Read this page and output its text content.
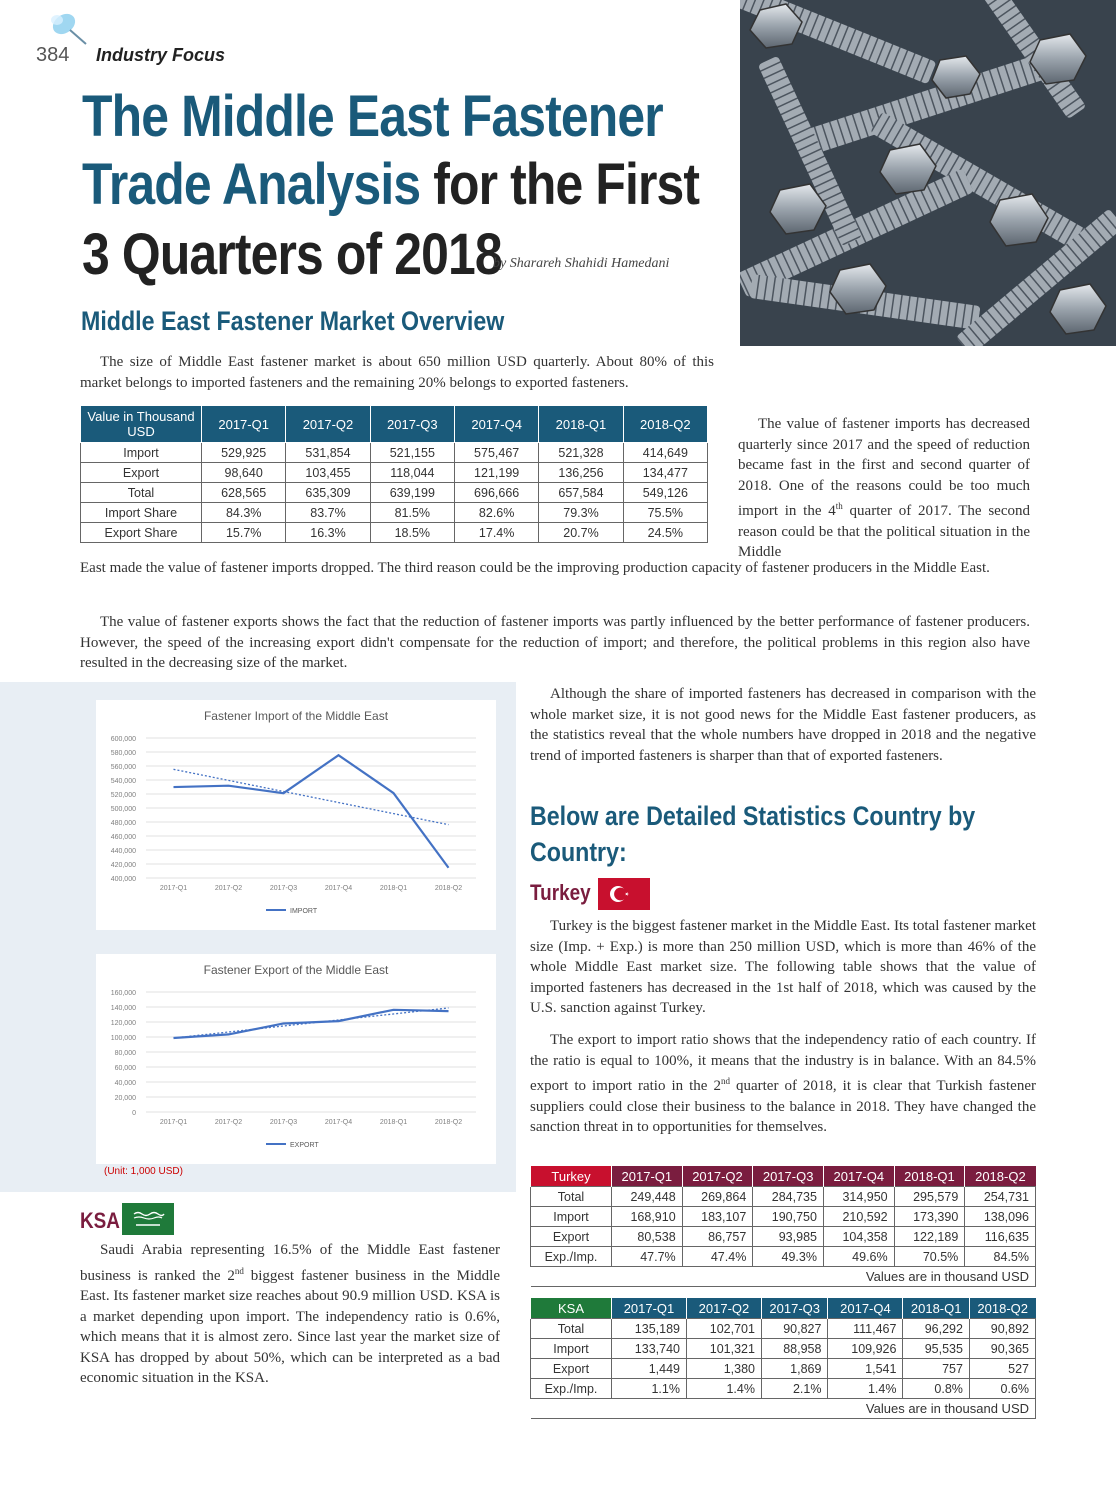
384 Industry Focus
The Middle East Fastener
Trade Analysis for the First
3 Quarters of 2018
by Sharareh Shahidi Hamedani
Middle East Fastener Market Overview

The size of Middle East fastener market is about 650 million USD quarterly. About 80% of this market belongs to imported fasteners and the remaining 20% belongs to exported fasteners.

Value in Thousand USD	2017-Q1	2017-Q2	2017-Q3	2017-Q4	2018-Q1	2018-Q2
Import	529,925	531,854	521,155	575,467	521,328	414,649
Export	98,640	103,455	118,044	121,199	136,256	134,477
Total	628,565	635,309	639,199	696,666	657,584	549,126
Import Share	84.3%	83.7%	81.5%	82.6%	79.3%	75.5%
Export Share	15.7%	16.3%	18.5%	17.4%	20.7%	24.5%

The value of fastener imports has decreased quarterly since 2017 and the speed of reduction became fast in the first and second quarter of 2018. One of the reasons could be too much import in the 4th quarter of 2017. The second reason could be that the political situation in the Middle

East made the value of fastener imports dropped. The third reason could be the improving production capacity of fastener producers in the Middle East.

The value of fastener exports shows the fact that the reduction of fastener imports was partly influenced by the better performance of fastener producers. However, the speed of the increasing export didn't compensate for the reduction of import; and therefore, the political problems in this region also have resulted in the decreasing size of the market.

Fastener Import of the Middle East
400,000
420,000
440,000
460,000
480,000
500,000
520,000
540,000
560,000
580,000
600,000
2017-Q1	2017-Q2	2017-Q3	2017-Q4	2018-Q1	2018-Q2
IMPORT
Fastener Export of the Middle East
0
20,000
40,000
60,000
80,000
100,000
120,000
140,000
160,000
2017-Q1	2017-Q2	2017-Q3	2017-Q4	2018-Q1	2018-Q2
EXPORT
(Unit: 1,000 USD)

Although the share of imported fasteners has decreased in comparison with the whole market size, it is not good news for the Middle East fastener producers, as the statistics reveal that the whole numbers have dropped in 2018 and the negative trend of imported fasteners is sharper than that of exported fasteners.

Below are Detailed Statistics Country by
Country:
Turkey

Turkey is the biggest fastener market in the Middle East. Its total fastener market size (Imp. + Exp.) is more than 250 million USD, which is more than 46% of the whole Middle East market size. The following table shows that the value of imported fasteners has decreased in the 1st half of 2018, which was caused by the U.S. sanction against Turkey.

The export to import ratio shows that the independency ratio of each country. If the ratio is equal to 100%, it means that the industry is in balance. With an 84.5% export to import ratio in the 2nd quarter of 2018, it is clear that Turkish fastener suppliers could close their business to the balance in 2018. They have changed the sanction threat in to opportunities for themselves.

Turkey	2017-Q1	2017-Q2	2017-Q3	2017-Q4	2018-Q1	2018-Q2
Total	249,448	269,864	284,735	314,950	295,579	254,731
Import	168,910	183,107	190,750	210,592	173,390	138,096
Export	80,538	86,757	93,985	104,358	122,189	116,635
Exp./Imp.	47.7%	47.4%	49.3%	49.6%	70.5%	84.5%
Values are in thousand USD						
KSA

Saudi Arabia representing 16.5% of the Middle East fastener business is ranked the 2nd biggest fastener business in the Middle East. Its fastener market size reaches about 90.9 million USD. KSA is a market depending upon import. The independency ratio is 0.6%, which means that it is almost zero. Since last year the market size of KSA has dropped by about 50%, which can be interpreted as a bad economic situation in the KSA.

KSA	2017-Q1	2017-Q2	2017-Q3	2017-Q4	2018-Q1	2018-Q2
Total	135,189	102,701	90,827	111,467	96,292	90,892
Import	133,740	101,321	88,958	109,926	95,535	90,365
Export	1,449	1,380	1,869	1,541	757	527
Exp./Imp.	1.1%	1.4%	2.1%	1.4%	0.8%	0.6%
Values are in thousand USD						
